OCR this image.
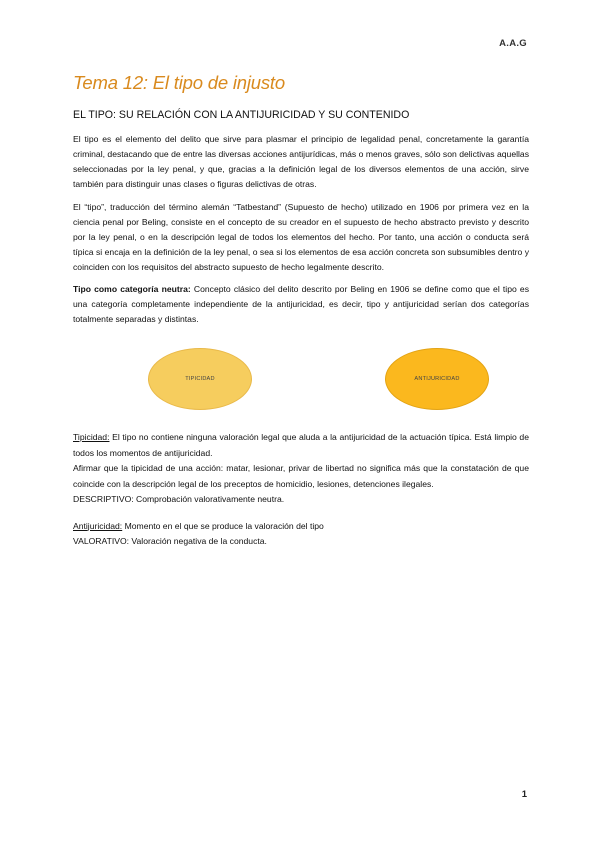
A.A.G
Tema 12: El tipo de injusto
EL TIPO: SU RELACIÓN CON LA ANTIJURICIDAD Y SU CONTENIDO

El tipo es el elemento del delito que sirve para plasmar el principio de legalidad penal, concretamente la garantía criminal, destacando que de entre las diversas acciones antijurídicas, más o menos graves, sólo son delictivas aquellas seleccionadas por la ley penal, y que, gracias a la definición legal de los diversos elementos de una acción, sirve también para distinguir unas clases o figuras delictivas de otras.

El “tipo”, traducción del término alemán “Tatbestand” (Supuesto de hecho) utilizado en 1906 por primera vez en la ciencia penal por Beling, consiste en el concepto de su creador en el supuesto de hecho abstracto previsto y descrito por la ley penal, o en la descripción legal de todos los elementos del hecho. Por tanto, una acción o conducta será típica si encaja en la definición de la ley penal, o sea si los elementos de esa acción concreta son subsumibles dentro y coinciden con los requisitos del abstracto supuesto de hecho legalmente descrito.

Tipo como categoría neutra: Concepto clásico del delito descrito por Beling en 1906 se define como que el tipo es una categoría completamente independiente de la antijuricidad, es decir, tipo y antijuricidad serían dos categorías totalmente separadas y distintas.

TIPICIDAD	ANTIJURICIDAD

Tipicidad: El tipo no contiene ninguna valoración legal que aluda a la antijuricidad de la actuación típica. Está limpio de todos los momentos de antijuricidad.

Afirmar que la tipicidad de una acción: matar, lesionar, privar de libertad no significa más que la constatación de que coincide con la descripción legal de los preceptos de homicidio, lesiones, detenciones ilegales.

DESCRIPTIVO: Comprobación valorativamente neutra.

Antijuricidad: Momento en el que se produce la valoración del tipo

VALORATIVO: Valoración negativa de la conducta.

1
